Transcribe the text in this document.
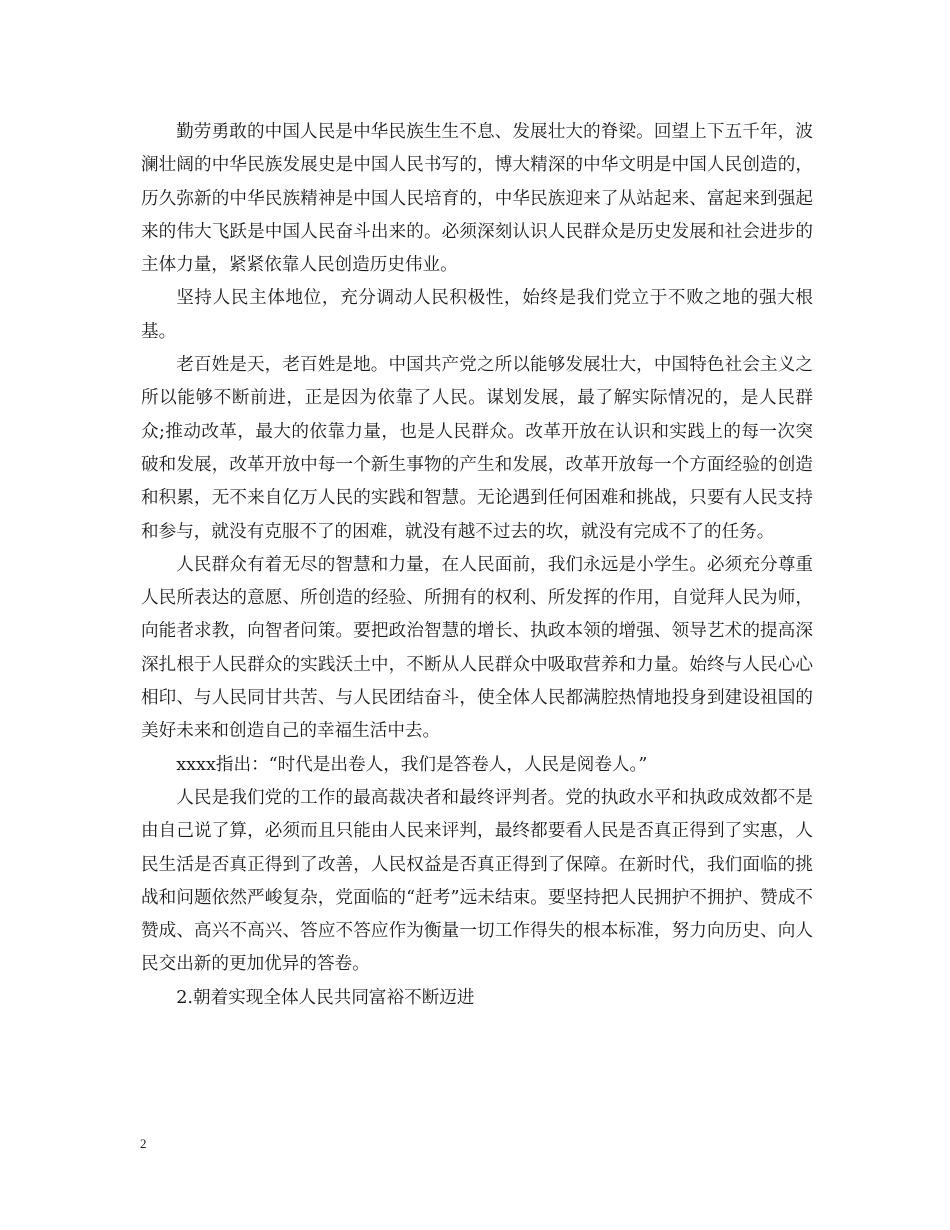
勤劳勇敢的中国人民是中华民族生生不息、发展壮大的脊梁。回望上下五千年，波澜壮阔的中华民族发展史是中国人民书写的，博大精深的中华文明是中国人民创造的，历久弥新的中华民族精神是中国人民培育的，中华民族迎来了从站起来、富起来到强起来的伟大飞跃是中国人民奋斗出来的。必须深刻认识人民群众是历史发展和社会进步的主体力量，紧紧依靠人民创造历史伟业。

坚持人民主体地位，充分调动人民积极性，始终是我们党立于不败之地的强大根基。

老百姓是天，老百姓是地。中国共产党之所以能够发展壮大，中国特色社会主义之所以能够不断前进，正是因为依靠了人民。谋划发展，最了解实际情况的，是人民群众;推动改革，最大的依靠力量，也是人民群众。改革开放在认识和实践上的每一次突破和发展，改革开放中每一个新生事物的产生和发展，改革开放每一个方面经验的创造和积累，无不来自亿万人民的实践和智慧。无论遇到任何困难和挑战，只要有人民支持和参与，就没有克服不了的困难，就没有越不过去的坎，就没有完成不了的任务。

人民群众有着无尽的智慧和力量，在人民面前，我们永远是小学生。必须充分尊重人民所表达的意愿、所创造的经验、所拥有的权利、所发挥的作用，自觉拜人民为师，向能者求教，向智者问策。要把政治智慧的增长、执政本领的增强、领导艺术的提高深深扎根于人民群众的实践沃土中，不断从人民群众中吸取营养和力量。始终与人民心心相印、与人民同甘共苦、与人民团结奋斗，使全体人民都满腔热情地投身到建设祖国的美好未来和创造自己的幸福生活中去。

xxxx指出：“时代是出卷人，我们是答卷人，人民是阅卷人。”

人民是我们党的工作的最高裁决者和最终评判者。党的执政水平和执政成效都不是由自己说了算，必须而且只能由人民来评判，最终都要看人民是否真正得到了实惠，人民生活是否真正得到了改善，人民权益是否真正得到了保障。在新时代，我们面临的挑战和问题依然严峻复杂，党面临的“赶考”远未结束。要坚持把人民拥护不拥护、赞成不赞成、高兴不高兴、答应不答应作为衡量一切工作得失的根本标准，努力向历史、向人民交出新的更加优异的答卷。

2.朝着实现全体人民共同富裕不断迈进

2
